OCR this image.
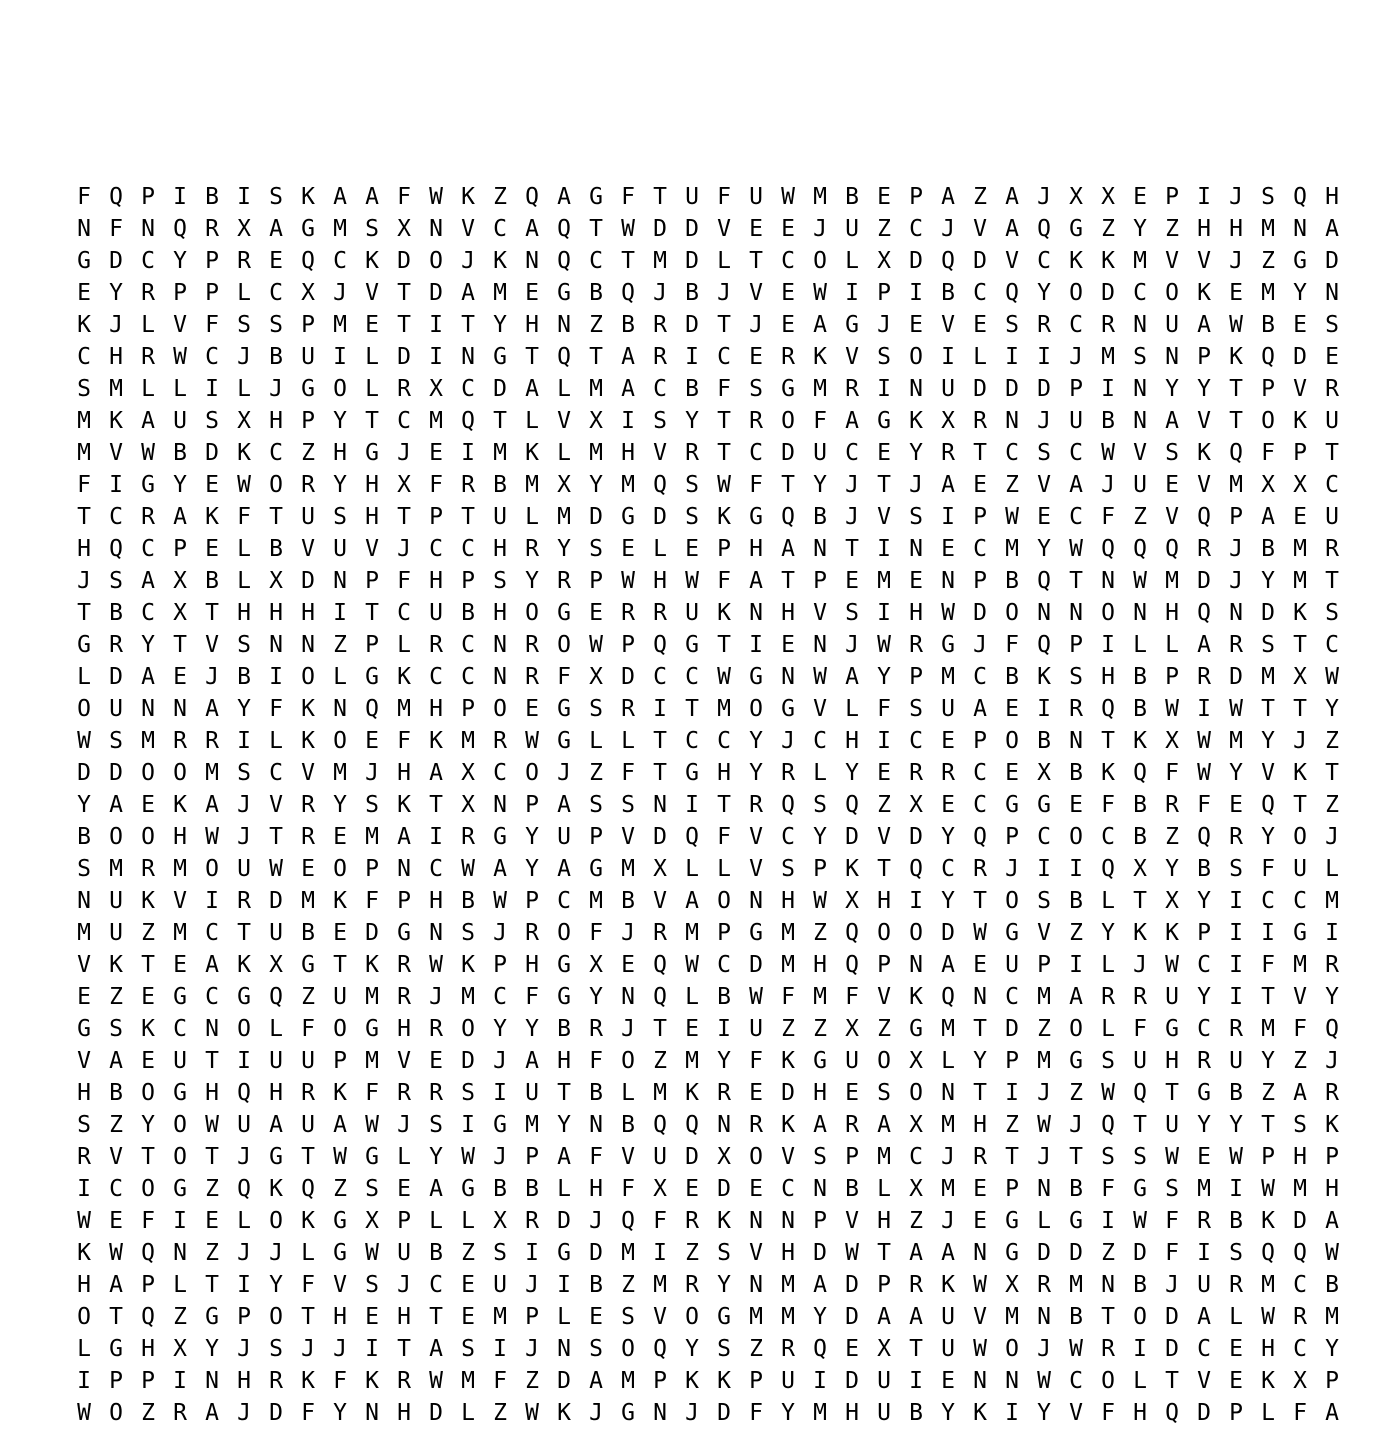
F Q P I B I S K A A F W K Z Q A G F T U F U W M B E P A Z A J X X E P I J S Q H
N F N Q R X A G M S X N V C A Q T W D D V E E J U Z C J V A Q G Z Y Z H H M N A
G D C Y P R E Q C K D O J K N Q C T M D L T C O L X D Q D V C K K M V V J Z G D
E Y R P P L C X J V T D A M E G B Q J B J V E W I P I B C Q Y O D C O K E M Y N
K J L V F S S P M E T I T Y H N Z B R D T J E A G J E V E S R C R N U A W B E S
C H R W C J B U I L D I N G T Q T A R I C E R K V S O I L I I J M S N P K Q D E
S M L L I L J G O L R X C D A L M A C B F S G M R I N U D D D P I N Y Y T P V R
M K A U S X H P Y T C M Q T L V X I S Y T R O F A G K X R N J U B N A V T O K U
M V W B D K C Z H G J E I M K L M H V R T C D U C E Y R T C S C W V S K Q F P T
F I G Y E W O R Y H X F R B M X Y M Q S W F T Y J T J A E Z V A J U E V M X X C
T C R A K F T U S H T P T U L M D G D S K G Q B J V S I P W E C F Z V Q P A E U
H Q C P E L B V U V J C C H R Y S E L E P H A N T I N E C M Y W Q Q Q R J B M R
J S A X B L X D N P F H P S Y R P W H W F A T P E M E N P B Q T N W M D J Y M T
T B C X T H H H I T C U B H O G E R R U K N H V S I H W D O N N O N H Q N D K S
G R Y T V S N N Z P L R C N R O W P Q G T I E N J W R G J F Q P I L L A R S T C
L D A E J B I O L G K C C N R F X D C C W G N W A Y P M C B K S H B P R D M X W
O U N N A Y F K N Q M H P O E G S R I T M O G V L F S U A E I R Q B W I W T T Y
W S M R R I L K O E F K M R W G L L T C C Y J C H I C E P O B N T K X W M Y J Z
D D O O M S C V M J H A X C O J Z F T G H Y R L Y E R R C E X B K Q F W Y V K T
Y A E K A J V R Y S K T X N P A S S N I T R Q S Q Z X E C G G E F B R F E Q T Z
B O O H W J T R E M A I R G Y U P V D Q F V C Y D V D Y Q P C O C B Z Q R Y O J
S M R M O U W E O P N C W A Y A G M X L L V S P K T Q C R J I I Q X Y B S F U L
N U K V I R D M K F P H B W P C M B V A O N H W X H I Y T O S B L T X Y I C C M
M U Z M C T U B E D G N S J R O F J R M P G M Z Q O O D W G V Z Y K K P I I G I
V K T E A K X G T K R W K P H G X E Q W C D M H Q P N A E U P I L J W C I F M R
E Z E G C G Q Z U M R J M C F G Y N Q L B W F M F V K Q N C M A R R U Y I T V Y
G S K C N O L F O G H R O Y Y B R J T E I U Z Z X Z G M T D Z O L F G C R M F Q
V A E U T I U U P M V E D J A H F O Z M Y F K G U O X L Y P M G S U H R U Y Z J
H B O G H Q H R K F R R S I U T B L M K R E D H E S O N T I J Z W Q T G B Z A R
S Z Y O W U A U A W J S I G M Y N B Q Q N R K A R A X M H Z W J Q T U Y Y T S K
R V T O T J G T W G L Y W J P A F V U D X O V S P M C J R T J T S S W E W P H P
I C O G Z Q K Q Z S E A G B B L H F X E D E C N B L X M E P N B F G S M I W M H
W E F I E L O K G X P L L X R D J Q F R K N N P V H Z J E G L G I W F R B K D A
K W Q N Z J J L G W U B Z S I G D M I Z S V H D W T A A N G D D Z D F I S Q Q W
H A P L T I Y F V S J C E U J I B Z M R Y N M A D P R K W X R M N B J U R M C B
O T Q Z G P O T H E H T E M P L E S V O G M M Y D A A U V M N B T O D A L W R M
L G H X Y J S J J I T A S I J N S O Q Y S Z R Q E X T U W O J W R I D C E H C Y
I P P I N H R K F K R W M F Z D A M P K K P U I D U I E N N W C O L T V E K X P
W O Z R A J D F Y N H D L Z W K J G N J D F Y M H U B Y K I Y V F H Q D P L F A
